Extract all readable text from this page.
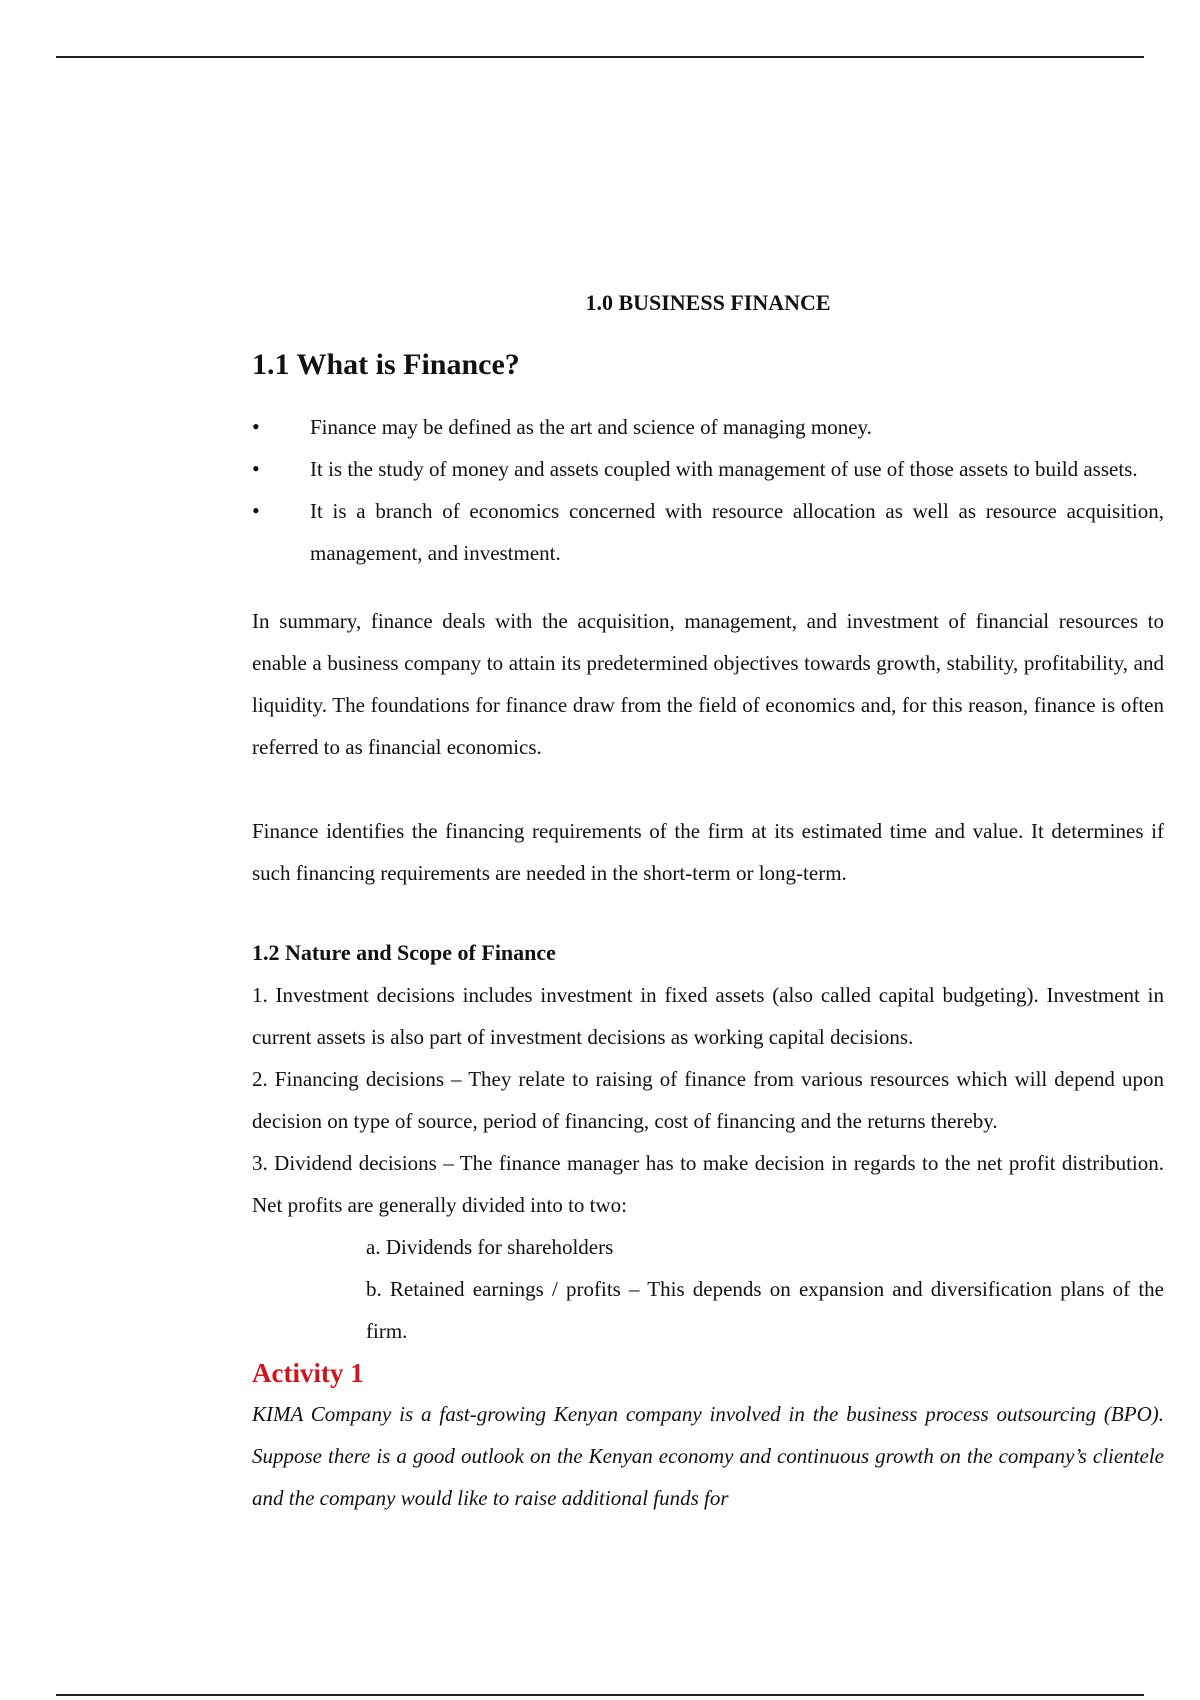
1.0 BUSINESS FINANCE
1.1 What is Finance?
• Finance may be defined as the art and science of managing money.
• It is the study of money and assets coupled with management of use of those assets to build assets.
• It is a branch of economics concerned with resource allocation as well as resource acquisition, management, and investment.

In summary, finance deals with the acquisition, management, and investment of financial resources to enable a business company to attain its predetermined objectives towards growth, stability, profitability, and liquidity. The foundations for finance draw from the field of economics and, for this reason, finance is often referred to as financial economics.

Finance identifies the financing requirements of the firm at its estimated time and value. It determines if such financing requirements are needed in the short-term or long-term.

1.2 Nature and Scope of Finance

1. Investment decisions includes investment in fixed assets (also called capital budgeting). Investment in current assets is also part of investment decisions as working capital decisions.

2. Financing decisions – They relate to raising of finance from various resources which will depend upon decision on type of source, period of financing, cost of financing and the returns thereby.

3. Dividend decisions – The finance manager has to make decision in regards to the net profit distribution. Net profits are generally divided into to two:

a. Dividends for shareholders

b. Retained earnings / profits – This depends on expansion and diversification plans of the firm.

Activity 1

KIMA Company is a fast-growing Kenyan company involved in the business process outsourcing (BPO). Suppose there is a good outlook on the Kenyan economy and continuous growth on the company’s clientele and the company would like to raise additional funds for
